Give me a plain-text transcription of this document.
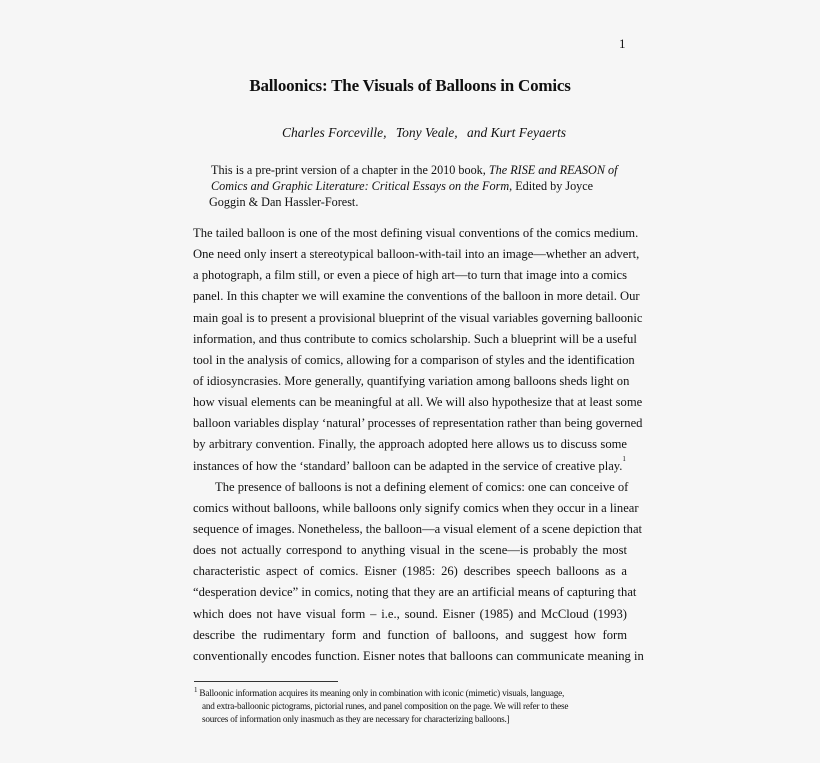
1
Balloonics: The Visuals of Balloons in Comics
Charles Forceville, Tony Veale, and Kurt Feyaerts
This is a pre-print version of a chapter in the 2010 book, The RISE and REASON of
Comics and Graphic Literature: Critical Essays on the Form, Edited by Joyce
Goggin & Dan Hassler-Forest.
The tailed balloon is one of the most defining visual conventions of the comics medium.
One need only insert a stereotypical balloon-with-tail into an image—whether an advert,
a photograph, a film still, or even a piece of high art—to turn that image into a comics
panel. In this chapter we will examine the conventions of the balloon in more detail. Our
main goal is to present a provisional blueprint of the visual variables governing balloonic
information, and thus contribute to comics scholarship. Such a blueprint will be a useful
tool in the analysis of comics, allowing for a comparison of styles and the identification
of idiosyncrasies. More generally, quantifying variation among balloons sheds light on
how visual elements can be meaningful at all. We will also hypothesize that at least some
balloon variables display ‘natural’ processes of representation rather than being governed
by arbitrary convention. Finally, the approach adopted here allows us to discuss some
instances of how the ‘standard’ balloon can be adapted in the service of creative play.$^1$
The presence of balloons is not a defining element of comics: one can conceive of
comics without balloons, while balloons only signify comics when they occur in a linear
sequence of images. Nonetheless, the balloon—a visual element of a scene depiction that
does not actually correspond to anything visual in the scene—is probably the most
characteristic aspect of comics. Eisner (1985: 26) describes speech balloons as a
“desperation device” in comics, noting that they are an artificial means of capturing that
which does not have visual form – i.e., sound. Eisner (1985) and McCloud (1993)
describe the rudimentary form and function of balloons, and suggest how form
conventionally encodes function. Eisner notes that balloons can communicate meaning in
$^1$ Balloonic information acquires its meaning only in combination with iconic (mimetic) visuals, language,
and extra-balloonic pictograms, pictorial runes, and panel composition on the page. We will refer to these
sources of information only inasmuch as they are necessary for characterizing balloons.]
